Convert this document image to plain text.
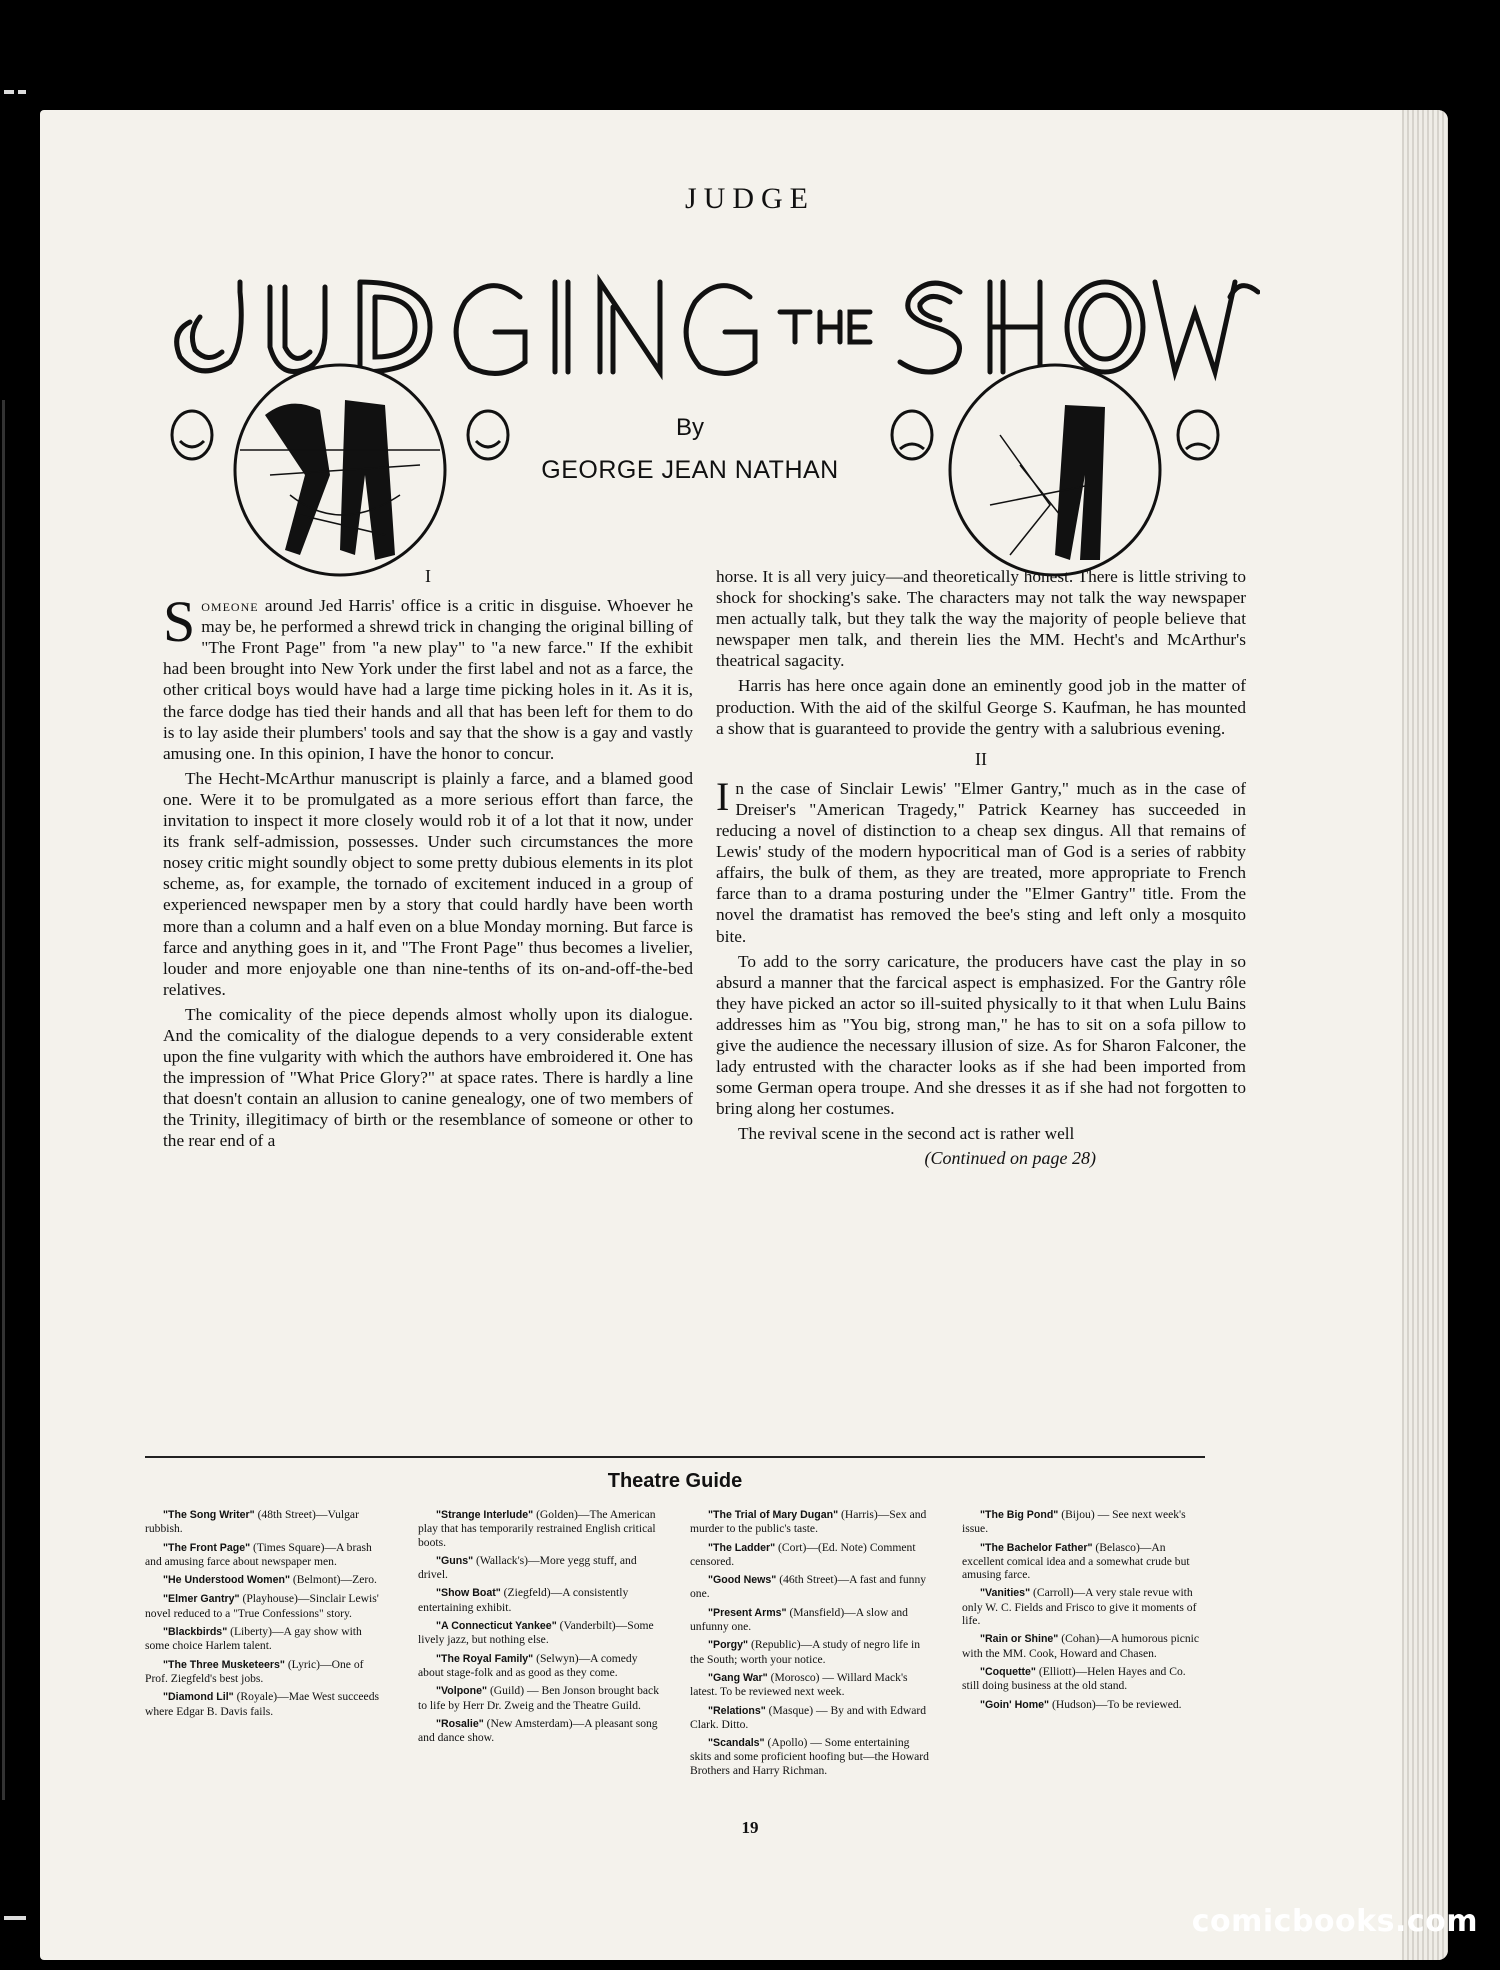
JUDGE
By
GEORGE JEAN NATHAN
I

Someone around Jed Harris' office is a critic in disguise. Whoever he may be, he performed a shrewd trick in changing the original billing of "The Front Page" from "a new play" to "a new farce." If the exhibit had been brought into New York under the first label and not as a farce, the other critical boys would have had a large time picking holes in it. As it is, the farce dodge has tied their hands and all that has been left for them to do is to lay aside their plumbers' tools and say that the show is a gay and vastly amusing one. In this opinion, I have the honor to concur.

The Hecht-McArthur manuscript is plainly a farce, and a blamed good one. Were it to be promulgated as a more serious effort than farce, the invitation to inspect it more closely would rob it of a lot that it now, under its frank self-admission, possesses. Under such circumstances the more nosey critic might soundly object to some pretty dubious elements in its plot scheme, as, for example, the tornado of excitement induced in a group of experienced newspaper men by a story that could hardly have been worth more than a column and a half even on a blue Monday morning. But farce is farce and anything goes in it, and "The Front Page" thus becomes a livelier, louder and more enjoyable one than nine-tenths of its on-and-off-the-bed relatives.

The comicality of the piece depends almost wholly upon its dialogue. And the comicality of the dialogue depends to a very considerable extent upon the fine vulgarity with which the authors have embroidered it. One has the impression of "What Price Glory?" at space rates. There is hardly a line that doesn't contain an allusion to canine genealogy, one of two members of the Trinity, illegitimacy of birth or the resemblance of someone or other to the rear end of a

horse. It is all very juicy—and theoretically honest. There is little striving to shock for shocking's sake. The characters may not talk the way newspaper men actually talk, but they talk the way the majority of people believe that newspaper men talk, and therein lies the MM. Hecht's and McArthur's theatrical sagacity.

Harris has here once again done an eminently good job in the matter of production. With the aid of the skilful George S. Kaufman, he has mounted a show that is guaranteed to provide the gentry with a salubrious evening.

II

In the case of Sinclair Lewis' "Elmer Gantry," much as in the case of Dreiser's "American Tragedy," Patrick Kearney has succeeded in reducing a novel of distinction to a cheap sex dingus. All that remains of Lewis' study of the modern hypocritical man of God is a series of rabbity affairs, the bulk of them, as they are treated, more appropriate to French farce than to a drama posturing under the "Elmer Gantry" title. From the novel the dramatist has removed the bee's sting and left only a mosquito bite.

To add to the sorry caricature, the producers have cast the play in so absurd a manner that the farcical aspect is emphasized. For the Gantry rôle they have picked an actor so ill-suited physically to it that when Lulu Bains addresses him as "You big, strong man," he has to sit on a sofa pillow to give the audience the necessary illusion of size. As for Sharon Falconer, the lady entrusted with the character looks as if she had been imported from some German opera troupe. And she dresses it as if she had not forgotten to bring along her costumes.

The revival scene in the second act is rather well

(Continued on page 28)
Theatre Guide

"The Song Writer" (48th Street)—Vulgar rubbish.

"The Front Page" (Times Square)—A brash and amusing farce about newspaper men.

"He Understood Women" (Belmont)—Zero.

"Elmer Gantry" (Playhouse)—Sinclair Lewis' novel reduced to a "True Confessions" story.

"Blackbirds" (Liberty)—A gay show with some choice Harlem talent.

"The Three Musketeers" (Lyric)—One of Prof. Ziegfeld's best jobs.

"Diamond Lil" (Royale)—Mae West succeeds where Edgar B. Davis fails.

"Strange Interlude" (Golden)—The American play that has temporarily restrained English critical boots.

"Guns" (Wallack's)—More yegg stuff, and drivel.

"Show Boat" (Ziegfeld)—A consistently entertaining exhibit.

"A Connecticut Yankee" (Vanderbilt)—Some lively jazz, but nothing else.

"The Royal Family" (Selwyn)—A comedy about stage-folk and as good as they come.

"Volpone" (Guild) — Ben Jonson brought back to life by Herr Dr. Zweig and the Theatre Guild.

"Rosalie" (New Amsterdam)—A pleasant song and dance show.

"The Trial of Mary Dugan" (Harris)—Sex and murder to the public's taste.

"The Ladder" (Cort)—(Ed. Note) Comment censored.

"Good News" (46th Street)—A fast and funny one.

"Present Arms" (Mansfield)—A slow and unfunny one.

"Porgy" (Republic)—A study of negro life in the South; worth your notice.

"Gang War" (Morosco) — Willard Mack's latest. To be reviewed next week.

"Relations" (Masque) — By and with Edward Clark. Ditto.

"Scandals" (Apollo) — Some entertaining skits and some proficient hoofing but—the Howard Brothers and Harry Richman.

"The Big Pond" (Bijou) — See next week's issue.

"The Bachelor Father" (Belasco)—An excellent comical idea and a somewhat crude but amusing farce.

"Vanities" (Carroll)—A very stale revue with only W. C. Fields and Frisco to give it moments of life.

"Rain or Shine" (Cohan)—A humorous picnic with the MM. Cook, Howard and Chasen.

"Coquette" (Elliott)—Helen Hayes and Co. still doing business at the old stand.

"Goin' Home" (Hudson)—To be reviewed.

19
comicbooks.com
